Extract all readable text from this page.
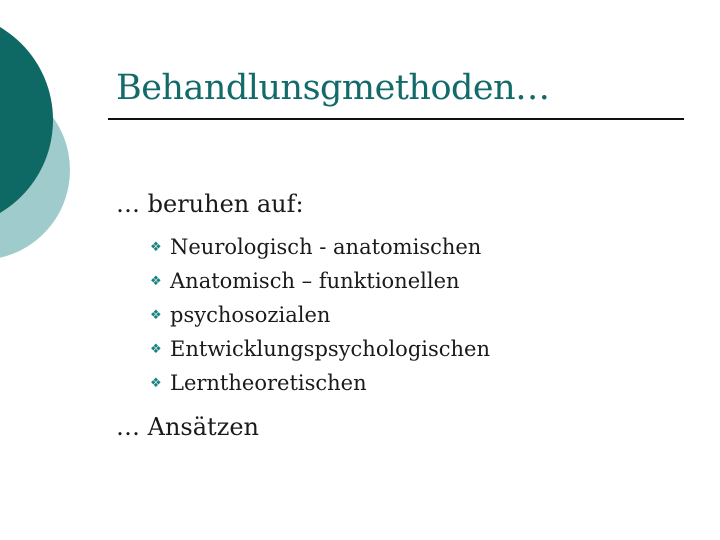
Behandlunsgmethoden…
… beruhen auf:
❖ Neurologisch - anatomischen
❖ Anatomisch – funktionellen
❖ psychosozialen
❖ Entwicklungspsychologischen
❖ Lerntheoretischen
… Ansätzen
